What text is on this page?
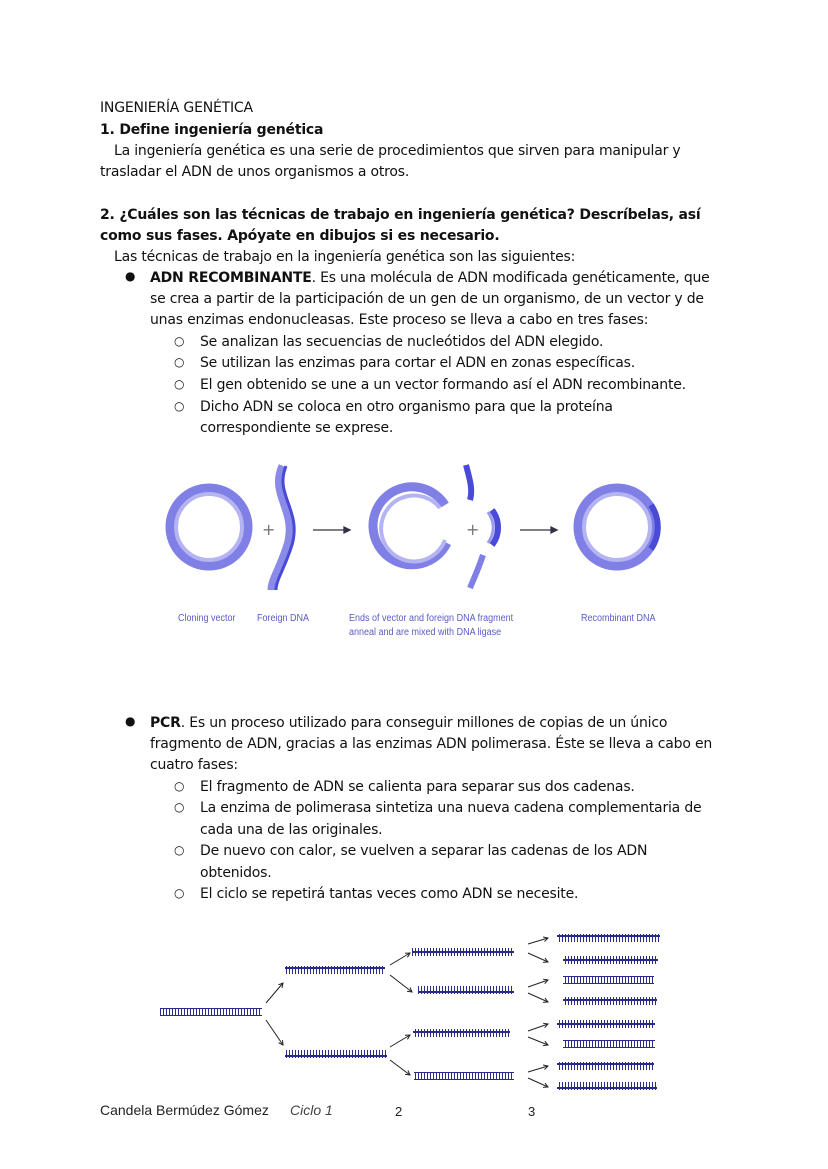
INGENIERÍA GENÉTICA
1. Define ingeniería genética
La ingeniería genética es una serie de procedimientos que sirven para manipular y
trasladar el ADN de unos organismos a otros.
2. ¿Cuáles son las técnicas de trabajo en ingeniería genética? Descríbelas, así
como sus fases. Apóyate en dibujos si es necesario.
Las técnicas de trabajo en la ingeniería genética son las siguientes:
● ADN RECOMBINANTE. Es una molécula de ADN modificada genéticamente, que
se crea a partir de la participación de un gen de un organismo, de un vector y de
unas enzimas endonucleasas. Este proceso se lleva a cabo en tres fases:
+	+
Cloning vector Foreign DNA	Ends of vector and foreign DNA fragment
anneal and are mixed with DNA ligase
Recombinant DNA
● PCR. Es un proceso utilizado para conseguir millones de copias de un único
fragmento de ADN, gracias a las enzimas ADN polimerasa. Éste se lleva a cabo en
cuatro fases:
Candela Bermúdez Gómez Ciclo 1	2	3
○ Se analizan las secuencias de nucleótidos del ADN elegido.
○ Se utilizan las enzimas para cortar el ADN en zonas específicas.
○ El gen obtenido se une a un vector formando así el ADN recombinante.
○ Dicho ADN se coloca en otro organismo para que la proteína
correspondiente se exprese.
○ El fragmento de ADN se calienta para separar sus dos cadenas.
○ La enzima de polimerasa sintetiza una nueva cadena complementaria de
cada una de las originales.
○ De nuevo con calor, se vuelven a separar las cadenas de los ADN
obtenidos.
○ El ciclo se repetirá tantas veces como ADN se necesite.
